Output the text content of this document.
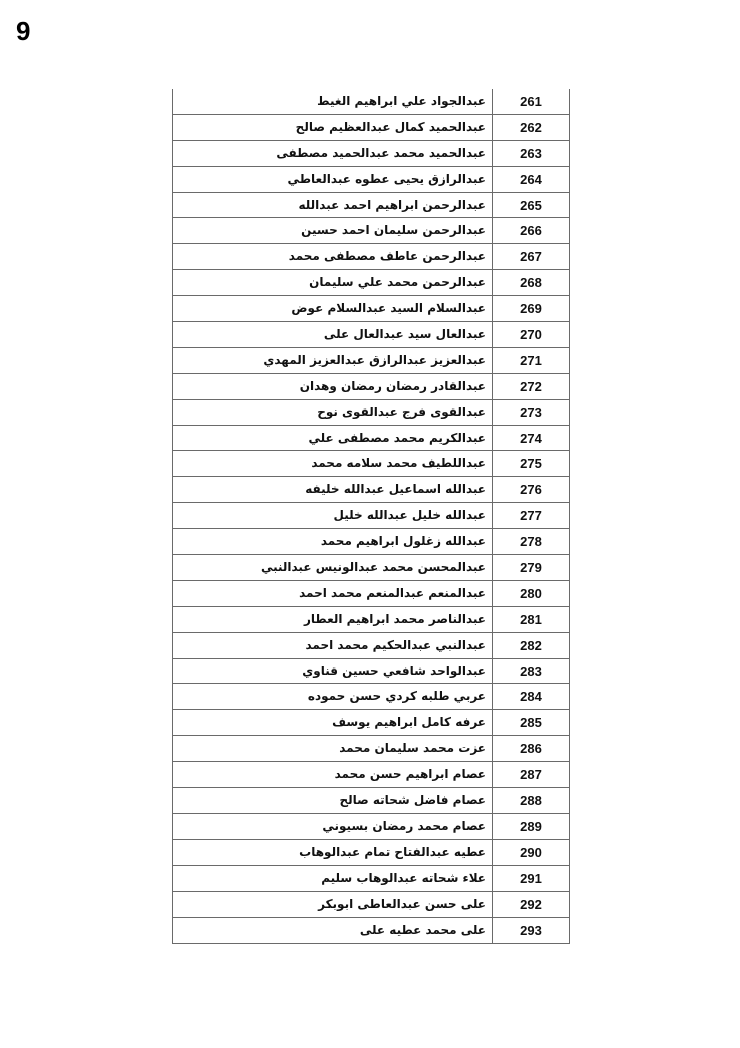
9
عبدالجواد علي ابراهيم الغيط	261
عبدالحميد كمال عبدالعظيم صالح	262
عبدالحميد محمد عبدالحميد مصطفى	263
عبدالرازق يحيى عطوه عبدالعاطي	264
عبدالرحمن ابراهيم احمد عبدالله	265
عبدالرحمن سليمان احمد حسين	266
عبدالرحمن عاطف مصطفى محمد	267
عبدالرحمن محمد علي سليمان	268
عبدالسلام السيد عبدالسلام عوض	269
عبدالعال سيد عبدالعال على	270
عبدالعزيز عبدالرازق عبدالعزيز المهدي	271
عبدالقادر رمضان رمضان وهدان	272
عبدالقوى فرج عبدالقوى نوح	273
عبدالكريم محمد مصطفى علي	274
عبداللطيف محمد سلامه محمد	275
عبدالله اسماعيل عبدالله خليفه	276
عبدالله خليل عبدالله خليل	277
عبدالله زغلول ابراهيم محمد	278
عبدالمحسن محمد عبدالونيس عبدالنبي	279
عبدالمنعم عبدالمنعم محمد احمد	280
عبدالناصر محمد ابراهيم العطار	281
عبدالنبي عبدالحكيم محمد احمد	282
عبدالواحد شافعي حسين قناوي	283
عربي طلبه كردي حسن حموده	284
عرفه كامل ابراهيم يوسف	285
عزت محمد سليمان محمد	286
عصام ابراهيم حسن محمد	287
عصام فاضل شحاته صالح	288
عصام محمد رمضان بسيوني	289
عطيه عبدالفتاح تمام عبدالوهاب	290
علاء شحاته عبدالوهاب سليم	291
على حسن عبدالعاطى ابوبكر	292
على محمد عطيه على	293
